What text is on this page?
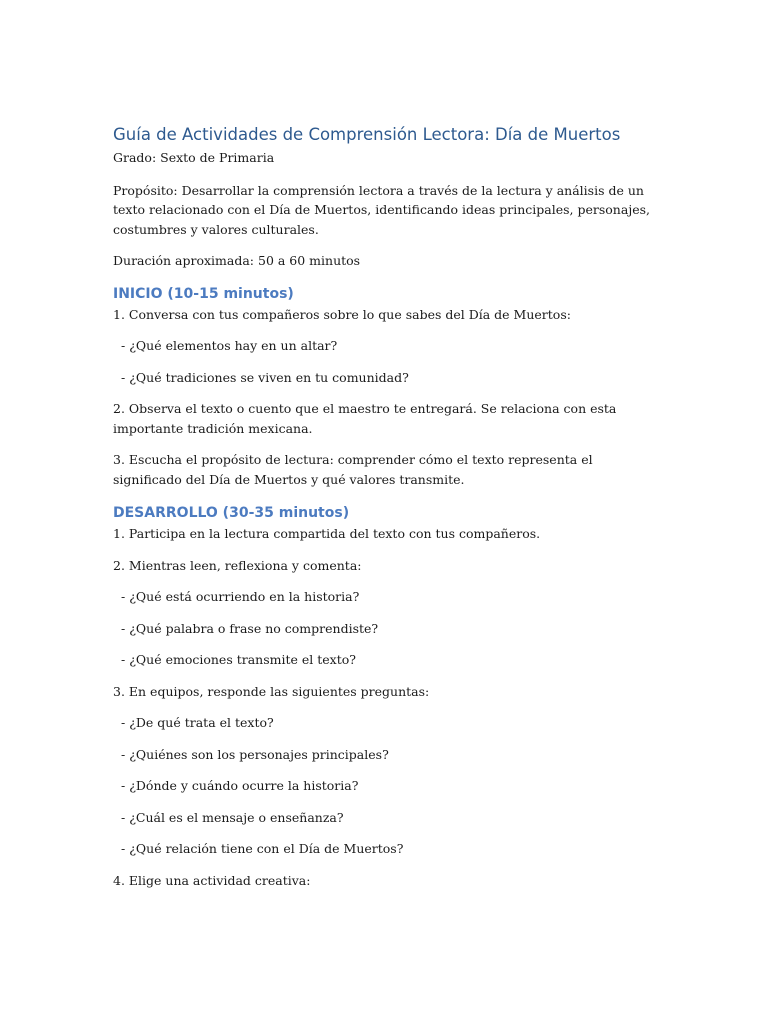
Guía de Actividades de Comprensión Lectora: Día de Muertos

Grado: Sexto de Primaria

Propósito: Desarrollar la comprensión lectora a través de la lectura y análisis de un texto relacionado con el Día de Muertos, identificando ideas principales, personajes, costumbres y valores culturales.

Duración aproximada: 50 a 60 minutos

INICIO (10-15 minutos)

1. Conversa con tus compañeros sobre lo que sabes del Día de Muertos:

- ¿Qué elementos hay en un altar?

- ¿Qué tradiciones se viven en tu comunidad?

2. Observa el texto o cuento que el maestro te entregará. Se relaciona con esta importante tradición mexicana.

3. Escucha el propósito de lectura: comprender cómo el texto representa el significado del Día de Muertos y qué valores transmite.

DESARROLLO (30-35 minutos)

1. Participa en la lectura compartida del texto con tus compañeros.

2. Mientras leen, reflexiona y comenta:

- ¿Qué está ocurriendo en la historia?

- ¿Qué palabra o frase no comprendiste?

- ¿Qué emociones transmite el texto?

3. En equipos, responde las siguientes preguntas:

- ¿De qué trata el texto?

- ¿Quiénes son los personajes principales?

- ¿Dónde y cuándo ocurre la historia?

- ¿Cuál es el mensaje o enseñanza?

- ¿Qué relación tiene con el Día de Muertos?

4. Elige una actividad creativa:
